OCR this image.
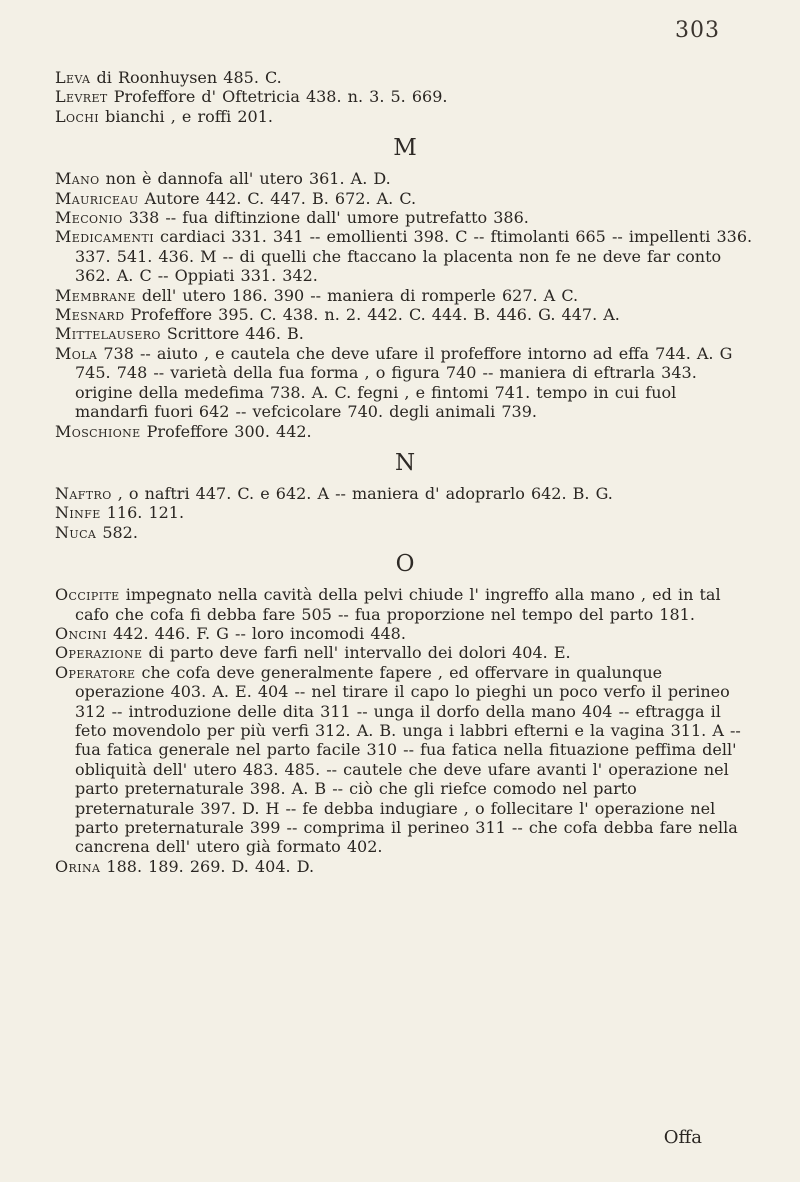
303

Leva di Roonhuysen 485. C.

Levret Profeffore d' Oftetricia 438. n. 3. 5. 669.

Lochi bianchi , e roffi 201.

M

Mano non è dannofa all' utero 361. A. D.

Mauriceau Autore 442. C. 447. B. 672. A. C.

Meconio 338 -- fua diftinzione dall' umore putrefatto 386.

Medicamenti cardiaci 331. 341 -- emollienti 398. C -- ftimolanti 665 -- impellenti 336. 337. 541. 436. M -- di quelli che ftaccano la placenta non fe ne deve far conto 362. A. C -- Oppiati 331. 342.

Membrane dell' utero 186. 390 -- maniera di romperle 627. A C.

Mesnard Profeffore 395. C. 438. n. 2. 442. C. 444. B. 446. G. 447. A.

Mittelausero Scrittore 446. B.

Mola 738 -- aiuto , e cautela che deve ufare il profeffore intorno ad effa 744. A. G 745. 748 -- varietà della fua forma , o figura 740 -- maniera di eftrarla 343. origine della medefima 738. A. C. fegni , e fintomi 741. tempo in cui fuol mandarfi fuori 642 -- vefcicolare 740. degli animali 739.

Moschione Profeffore 300. 442.

N

Naftro , o naftri 447. C. e 642. A -- maniera d' adoprarlo 642. B. G.

Ninfe 116. 121.

Nuca 582.

O

Occipite impegnato nella cavità della pelvi chiude l' ingreffo alla mano , ed in tal cafo che cofa fi debba fare 505 -- fua proporzione nel tempo del parto 181.

Oncini 442. 446. F. G -- loro incomodi 448.

Operazione di parto deve farfi nell' intervallo dei dolori 404. E.

Operatore che cofa deve generalmente fapere , ed offervare in qualunque operazione 403. A. E. 404 -- nel tirare il capo lo pieghi un poco verfo il perineo 312 -- introduzione delle dita 311 -- unga il dorfo della mano 404 -- eftragga il feto movendolo per più verfi 312. A. B. unga i labbri efterni e la vagina 311. A -- fua fatica generale nel parto facile 310 -- fua fatica nella fituazione peffima dell' obliquità dell' utero 483. 485. -- cautele che deve ufare avanti l' operazione nel parto preternaturale 398. A. B -- ciò che gli riefce comodo nel parto preternaturale 397. D. H -- fe debba indugiare , o follecitare l' operazione nel parto preternaturale 399 -- comprima il perineo 311 -- che cofa debba fare nella cancrena dell' utero già formato 402.

Orina 188. 189. 269. D. 404. D.

Offa
